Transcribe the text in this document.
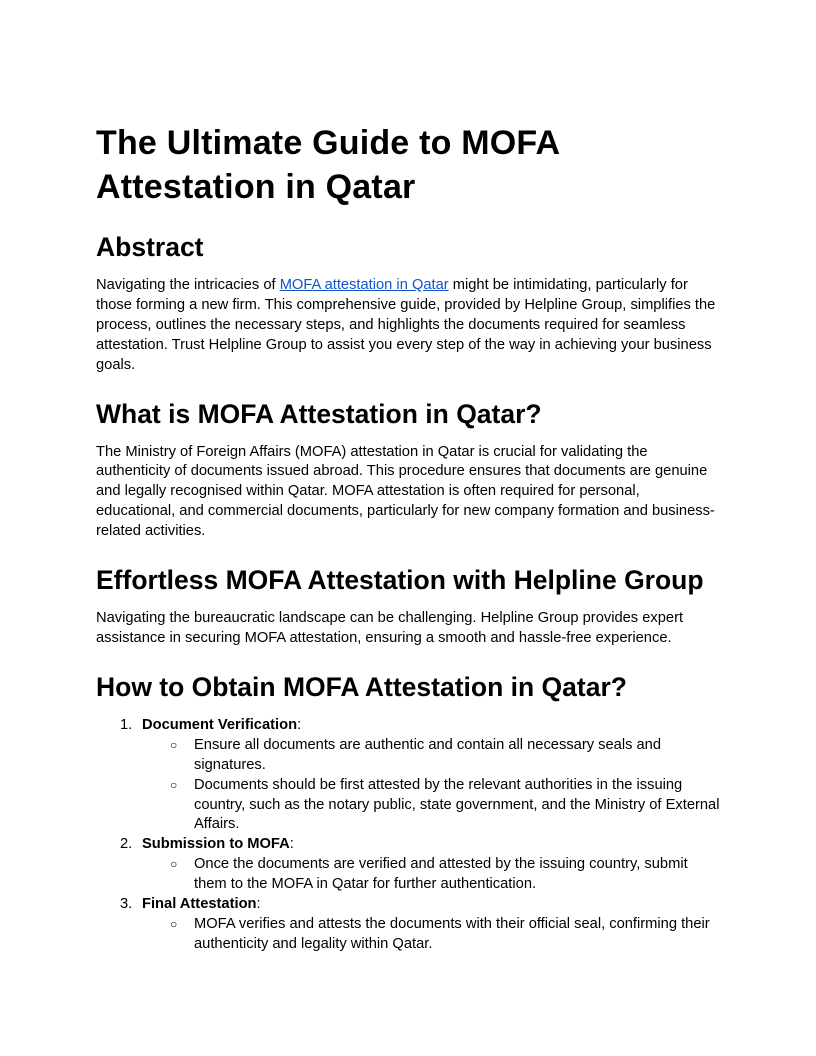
The Ultimate Guide to MOFA Attestation in Qatar
Abstract

Navigating the intricacies of MOFA attestation in Qatar might be intimidating, particularly for those forming a new firm. This comprehensive guide, provided by Helpline Group, simplifies the process, outlines the necessary steps, and highlights the documents required for seamless attestation. Trust Helpline Group to assist you every step of the way in achieving your business goals.

What is MOFA Attestation in Qatar?

The Ministry of Foreign Affairs (MOFA) attestation in Qatar is crucial for validating the authenticity of documents issued abroad. This procedure ensures that documents are genuine and legally recognised within Qatar. MOFA attestation is often required for personal, educational, and commercial documents, particularly for new company formation and business-related activities.

Effortless MOFA Attestation with Helpline Group

Navigating the bureaucratic landscape can be challenging. Helpline Group provides expert assistance in securing MOFA attestation, ensuring a smooth and hassle-free experience.

How to Obtain MOFA Attestation in Qatar?
1. Document Verification:
○	Ensure all documents are authentic and contain all necessary seals and signatures.
○	Documents should be first attested by the relevant authorities in the issuing country, such as the notary public, state government, and the Ministry of External Affairs.
2. Submission to MOFA:
○	Once the documents are verified and attested by the issuing country, submit them to the MOFA in Qatar for further authentication.
3. Final Attestation:
○	MOFA verifies and attests the documents with their official seal, confirming their authenticity and legality within Qatar.
